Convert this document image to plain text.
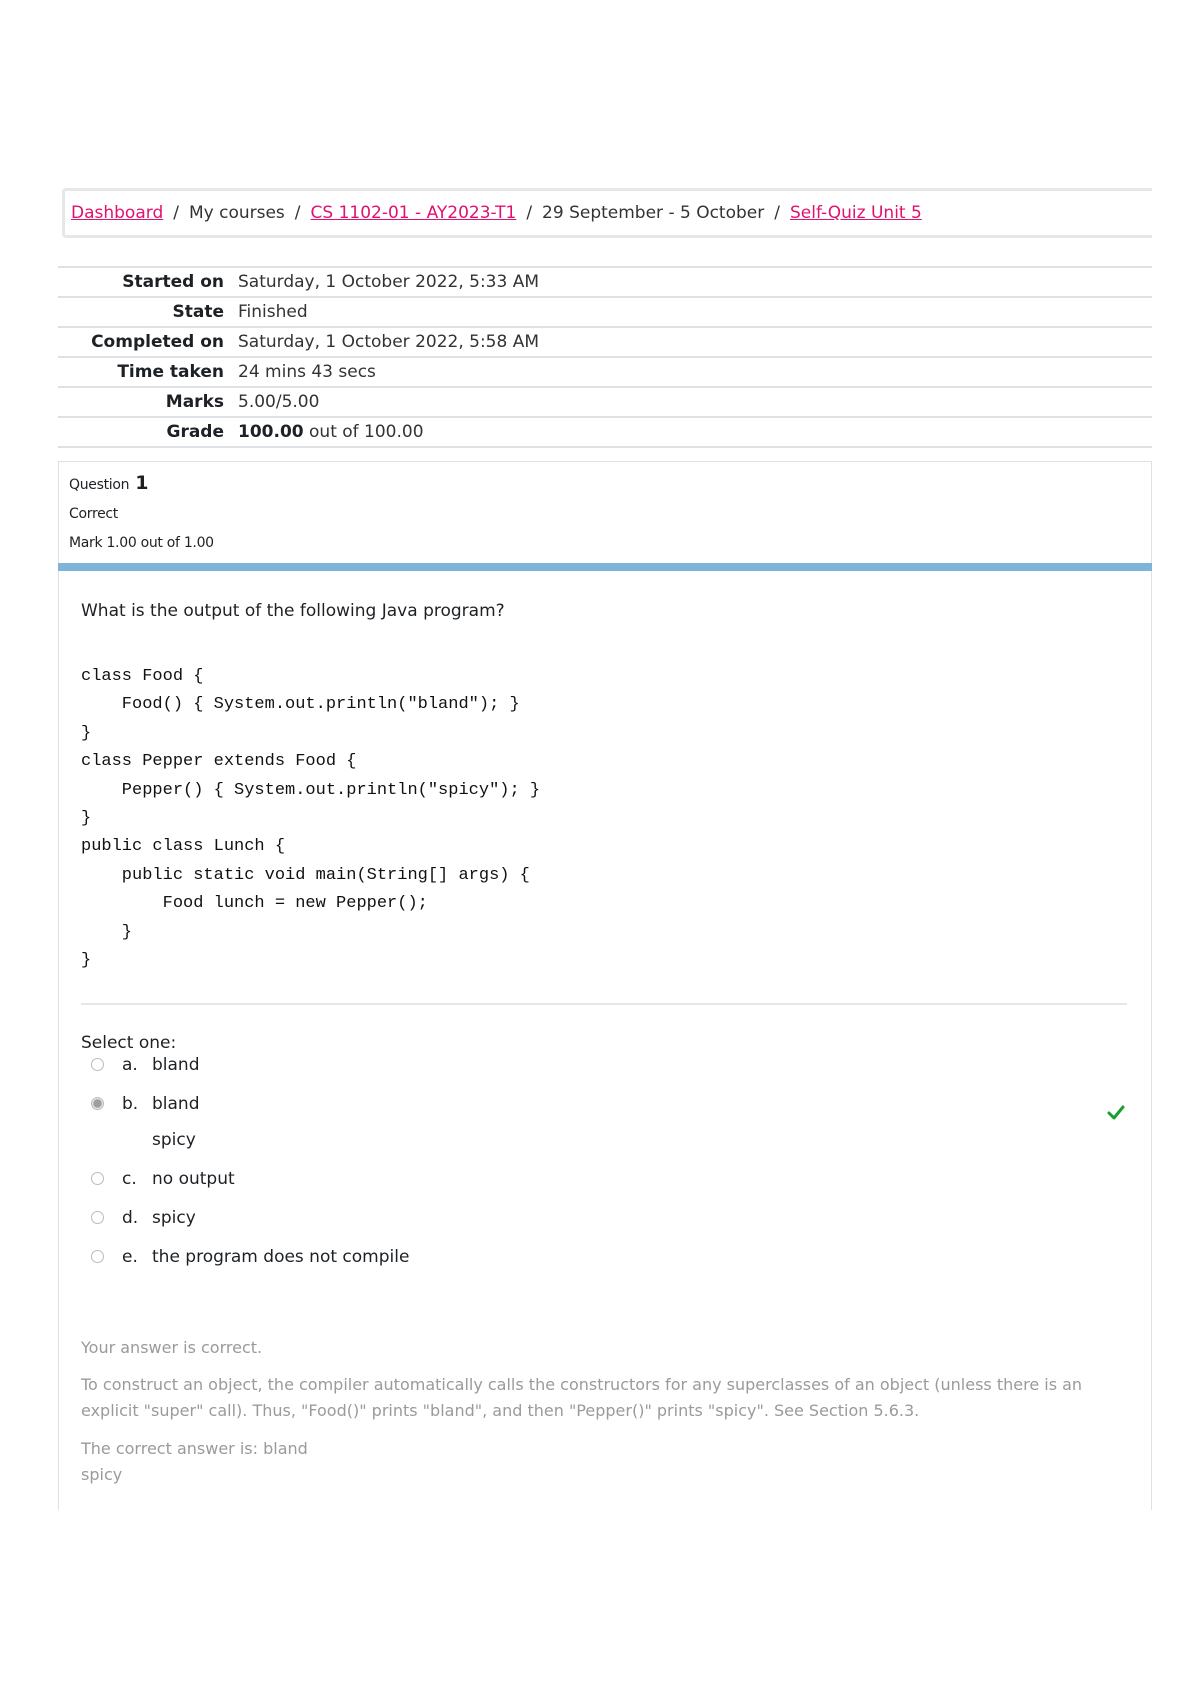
Dashboard / My courses / CS 1102-01 - AY2023-T1 / 29 September - 5 October / Self-Quiz Unit 5
Started on	Saturday, 1 October 2022, 5:33 AM
State	Finished
Completed on	Saturday, 1 October 2022, 5:58 AM
Time taken	24 mins 43 secs
Marks	5.00/5.00
Grade	100.00 out of 100.00
Question 1
Correct
Mark 1.00 out of 1.00
What is the output of the following Java program?
class Food {
Food() { System.out.println("bland"); }
}
class Pepper extends Food {
Pepper() { System.out.println("spicy"); }
}
public class Lunch {
public static void main(String[] args) {
Food lunch = new Pepper();
}
}
Select one:
a. bland
b. bland
spicy
c. no output
d. spicy
e. the program does not compile
Your answer is correct.
To construct an object, the compiler automatically calls the constructors for any superclasses of an object (unless there is an explicit "super" call). Thus, "Food()" prints "bland", and then "Pepper()" prints "spicy". See Section 5.6.3.
The correct answer is: bland
spicy
